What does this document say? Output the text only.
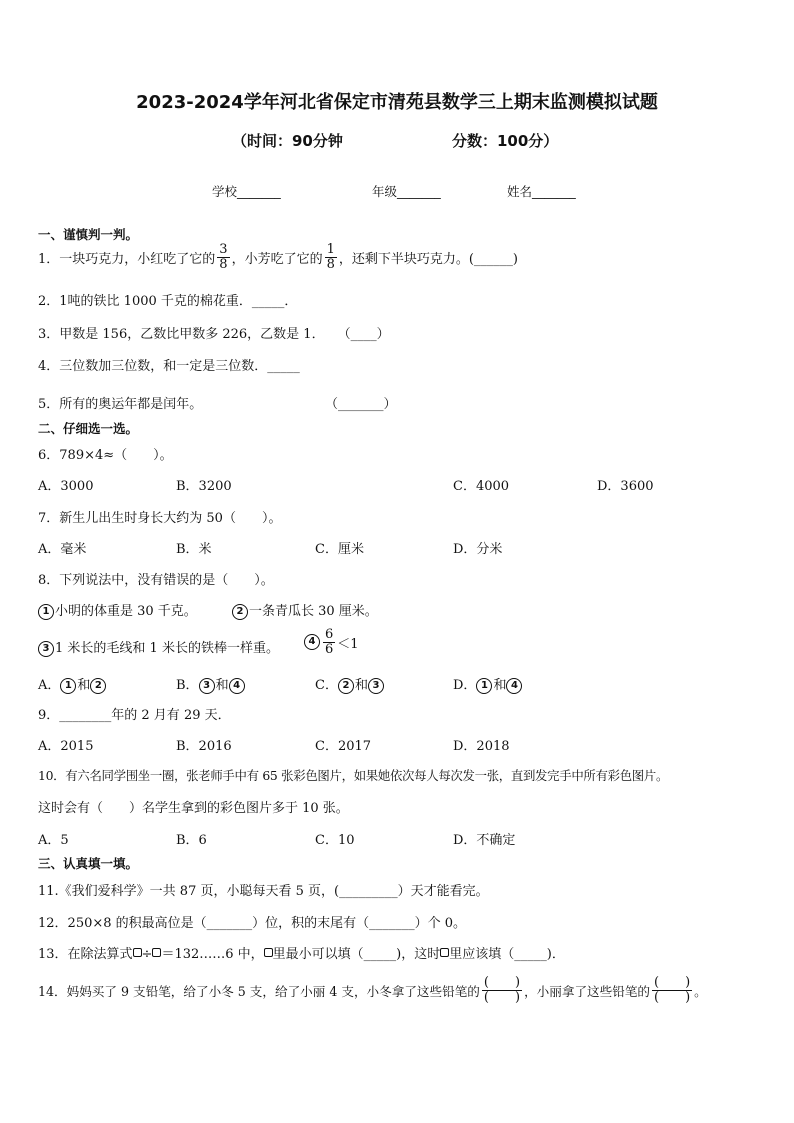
2023-2024学年河北省保定市清苑县数学三上期末监测模拟试题
（时间：90分钟	分数：100分）
学校_______	年级_______	姓名_______
一、谨慎判一判。
1．一块巧克力，小红吃了它的 $\frac{3}{8}$ ，小芳吃了它的 $\frac{1}{8}$ ，还剩下半块巧克力。(______)
2．1吨的铁比 1000 千克的棉花重．_____．
3．甲数是 156，乙数比甲数多 226，乙数是 1．　　（____）
4．三位数加三位数，和一定是三位数．_____
5．所有的奥运年都是闰年。	（_______）
二、仔细选一选。
6．789×4≈（　　）。
A．3000	B．3200	C．4000	D．3600
7．新生儿出生时身长大约为 50（　　）。
A．毫米	B．米	C．厘米	D．分米
8．下列说法中，没有错误的是（　　）。
1 小明的体重是 30 千克。	2 一条青瓜长 30 厘米。
3 1 米长的毛线和 1 米长的铁棒一样重。	$4 \frac{6}{6} <1$
A． 1 和 2	B． 3 和 4	C． 2 和 3	D． 1 和 4
9．________年的 2 月有 29 天．
A．2015	B．2016	C．2017	D．2018
10．有六名同学围坐一圈，张老师手中有 65 张彩色图片，如果她依次每人每次发一张，直到发完手中所有彩色图片。
这时会有（　　）名学生拿到的彩色图片多于 10 张。
A．5	B．6	C．10	D．不确定
三、认真填一填。
11.《我们爱科学》一共 87 页，小聪每天看 5 页，(_________）天才能看完。
12．250×8 的积最高位是（_______）位，积的末尾有（_______）个 0。
13．在除法算式 ÷ ＝132……6 中， 里最小可以填（_____)，这时 里应该填（_____)．
14．妈妈买了 9 支铅笔，给了小冬 5 支，给了小丽 4 支，小冬拿了这些铅笔的 $\frac{( )}{( )}$ ，小丽拿了这些铅笔的 $\frac{( )}{( )}$ 。
